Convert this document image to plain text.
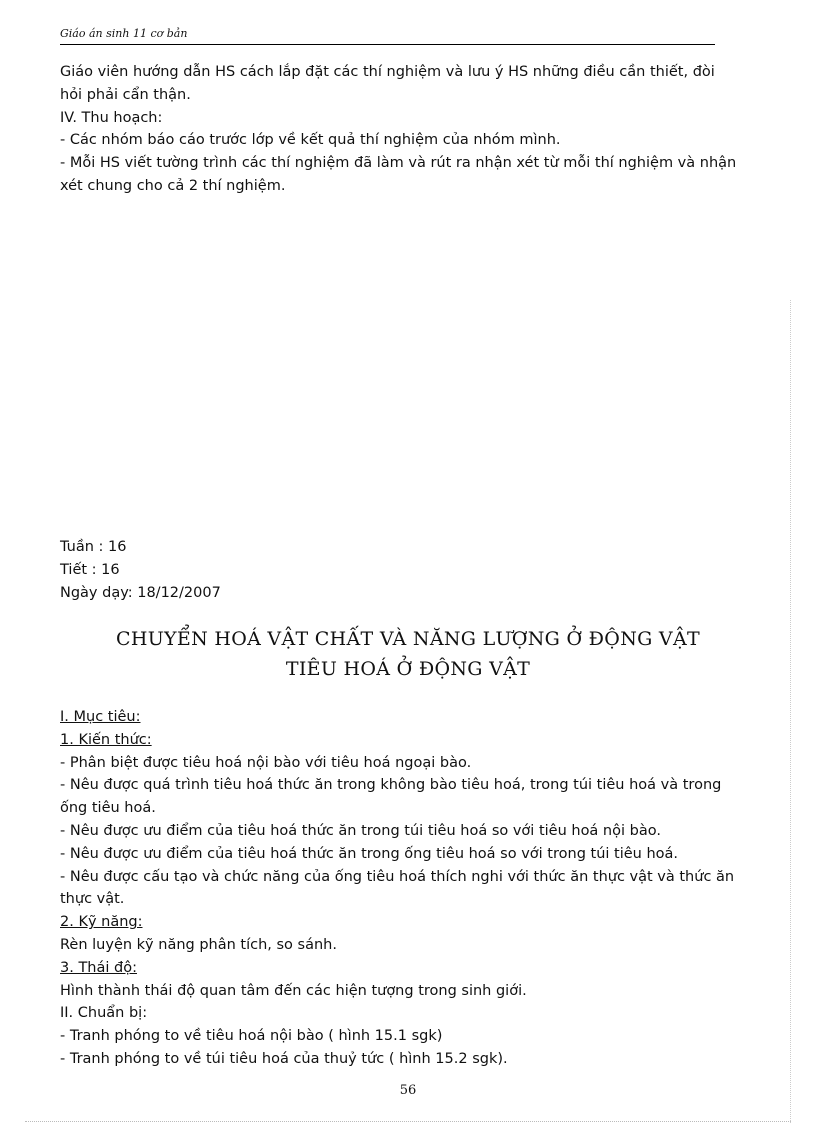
Giáo án sinh 11 cơ bản

Giáo viên hướng dẫn HS cách lắp đặt các thí nghiệm và lưu ý HS những điều cần thiết, đòi

hỏi phải cẩn thận.

IV. Thu hoạch:

- Các nhóm báo cáo trước lớp về kết quả thí nghiệm của nhóm mình.

- Mỗi HS viết tường trình các thí nghiệm đã làm và rút ra nhận xét từ mỗi thí nghiệm và nhận

xét chung cho cả 2 thí nghiệm.

Tuần : 16

Tiết : 16

Ngày dạy: 18/12/2007

CHUYỂN HOÁ VẬT CHẤT VÀ NĂNG LƯỢNG Ở ĐỘNG VẬT
TIÊU HOÁ Ở ĐỘNG VẬT

I. Mục tiêu:

1. Kiến thức:

- Phân biệt được tiêu hoá nội bào với tiêu hoá ngoại bào.

- Nêu được quá trình tiêu hoá thức ăn trong không bào tiêu hoá, trong túi tiêu hoá và trong

ống tiêu hoá.

- Nêu được ưu điểm của tiêu hoá thức ăn trong túi tiêu hoá so với tiêu hoá nội bào.

- Nêu được ưu điểm của tiêu hoá thức ăn trong ống tiêu hoá so với trong túi tiêu hoá.

- Nêu được cấu tạo và chức năng của ống tiêu hoá thích nghi với thức ăn thực vật và thức ăn

thực vật.

2. Kỹ năng:

Rèn luyện kỹ năng phân tích, so sánh.

3. Thái độ:

Hình thành thái độ quan tâm đến các hiện tượng trong sinh giới.

II. Chuẩn bị:

- Tranh phóng to về tiêu hoá nội bào ( hình 15.1 sgk)

- Tranh phóng to về túi tiêu hoá của thuỷ tức ( hình 15.2 sgk).

56
